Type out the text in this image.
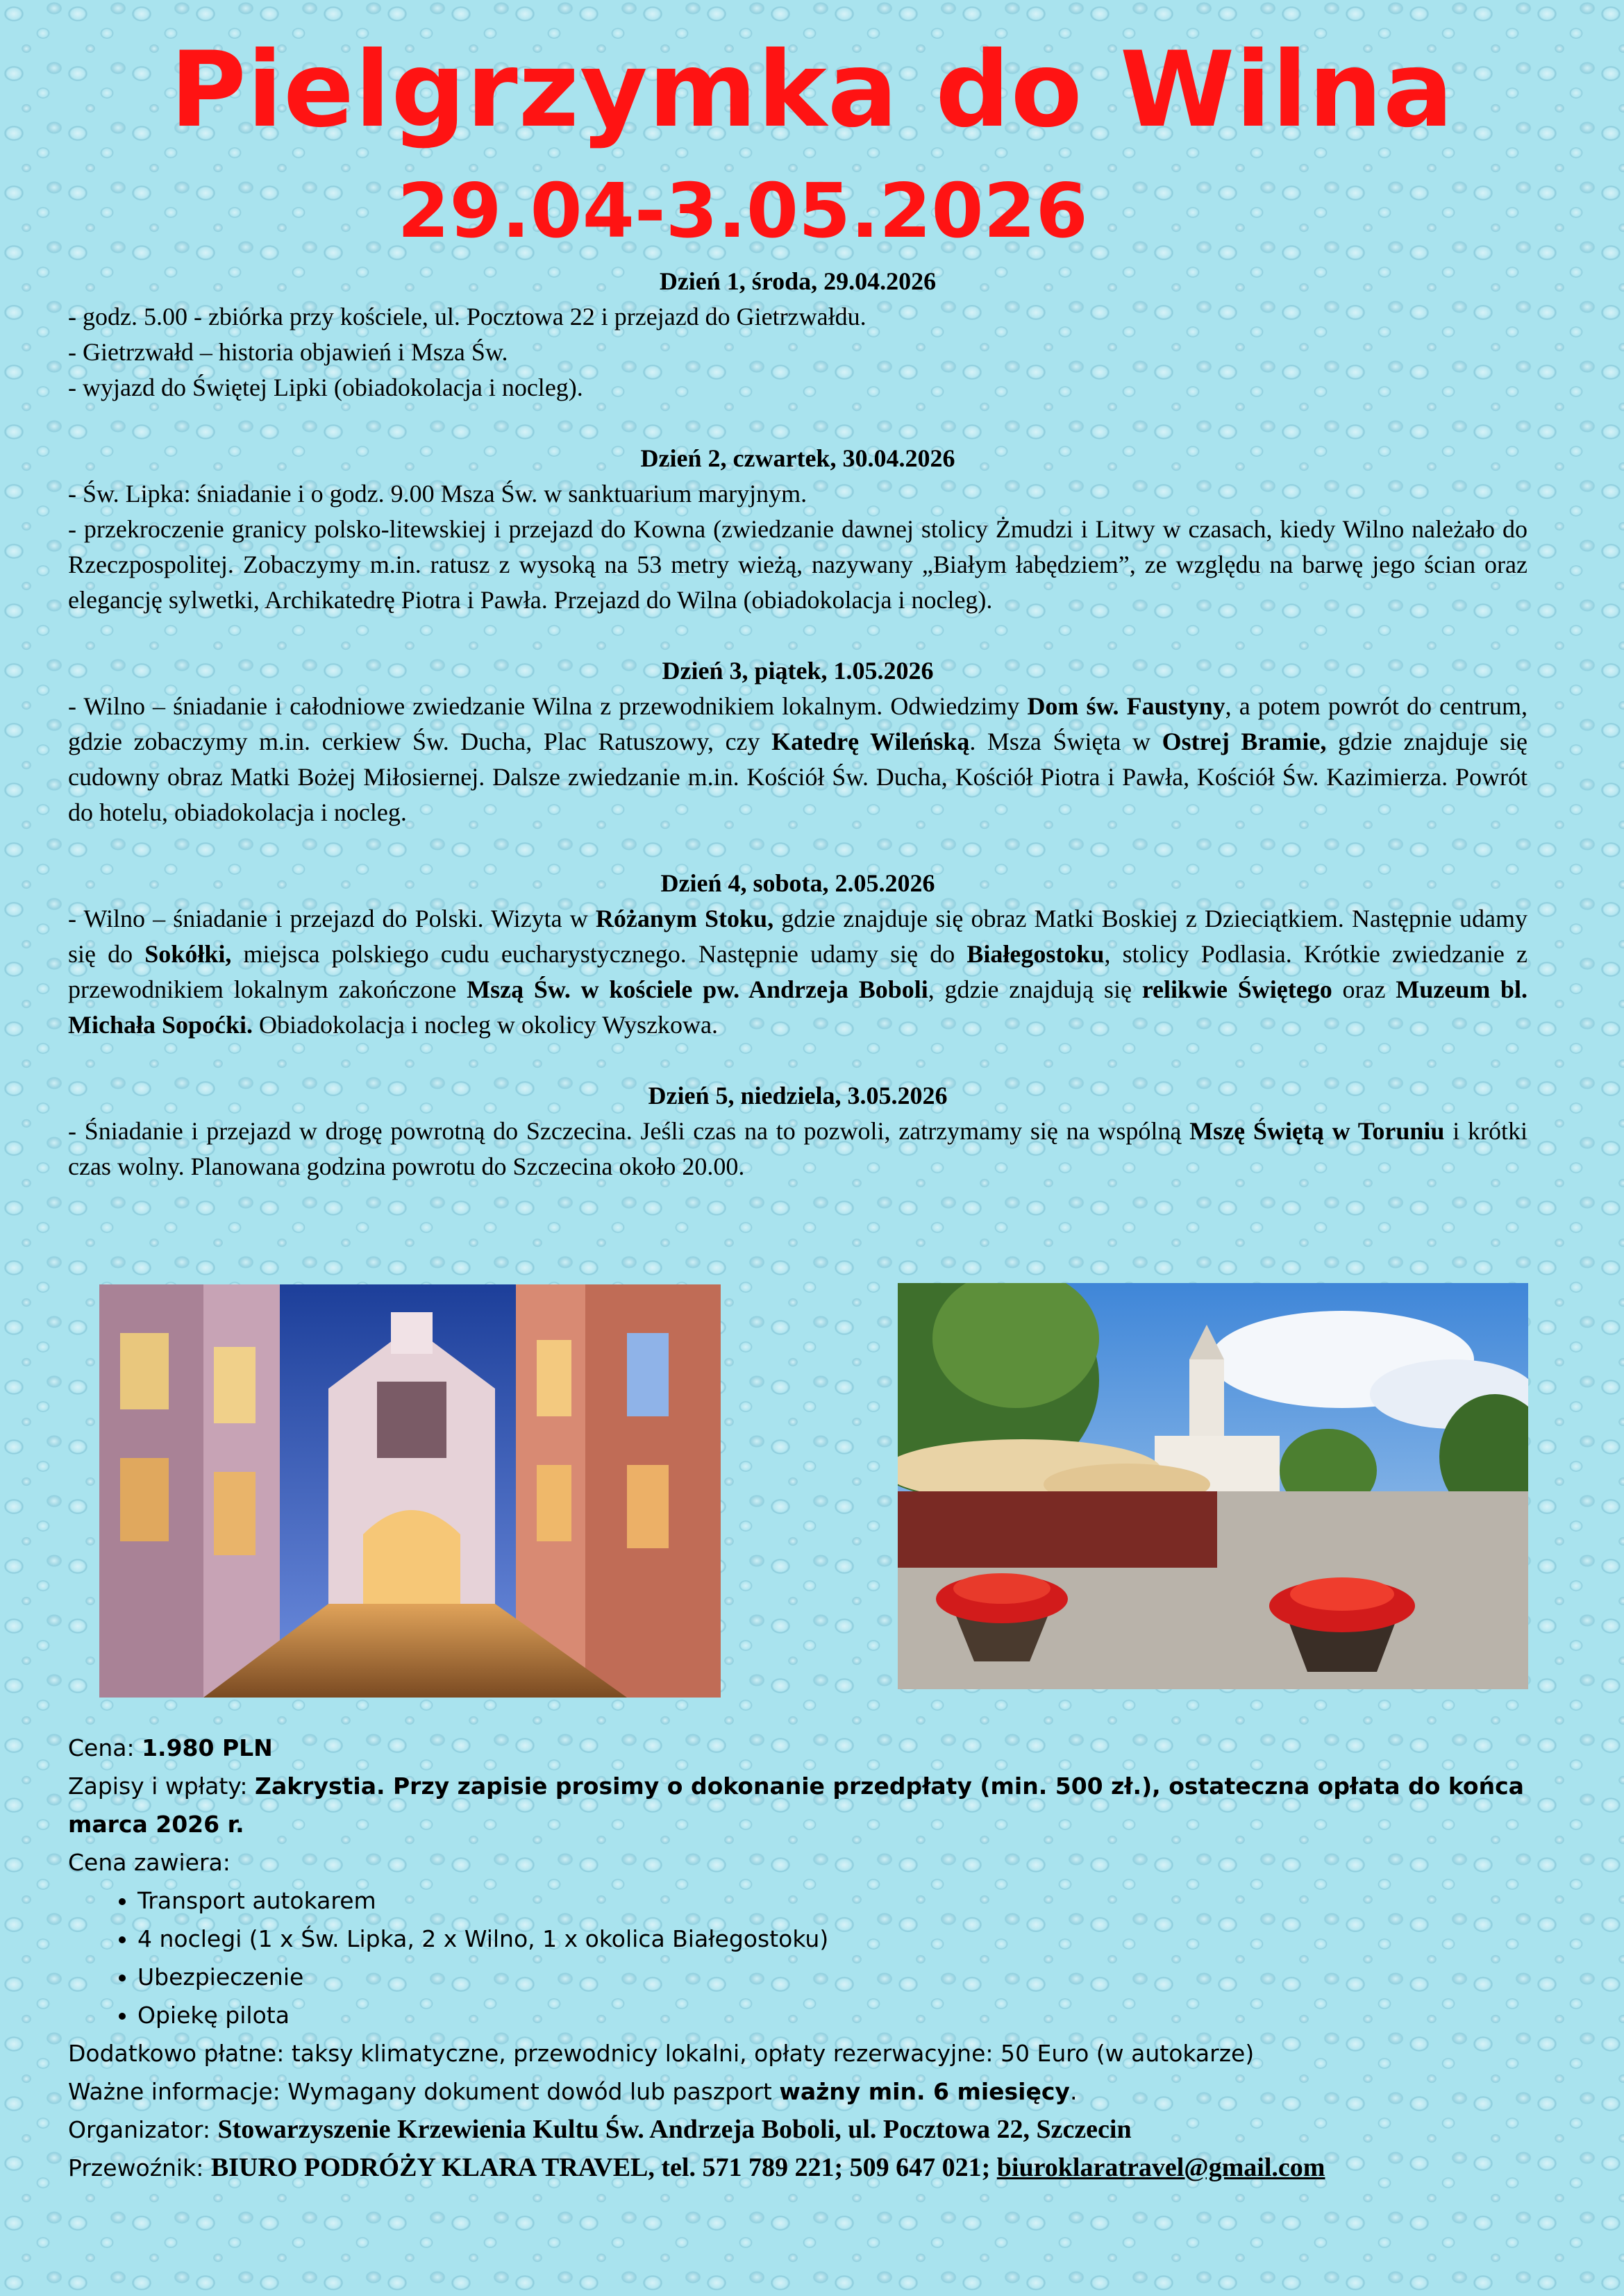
Pielgrzymka do Wilna
29.04-3.05.2026

Dzień 1, środa, 29.04.2026

- godz. 5.00 - zbiórka przy kościele, ul. Pocztowa 22 i przejazd do Gietrzwałdu.

- Gietrzwałd – historia objawień i Msza Św.

- wyjazd do Świętej Lipki (obiadokolacja i nocleg).

Dzień 2, czwartek, 30.04.2026

- Św. Lipka: śniadanie i o godz. 9.00 Msza Św. w sanktuarium maryjnym.

- przekroczenie granicy polsko-litewskiej i przejazd do Kowna (zwiedzanie dawnej stolicy Żmudzi i Litwy w czasach, kiedy Wilno należało do Rzeczpospolitej. Zobaczymy m.in. ratusz z wysoką na 53 metry wieżą, nazywany „Białym łabędziem”, ze względu na barwę jego ścian oraz elegancję sylwetki, Archikatedrę Piotra i Pawła. Przejazd do Wilna (obiadokolacja i nocleg).

Dzień 3, piątek, 1.05.2026

- Wilno – śniadanie i całodniowe zwiedzanie Wilna z przewodnikiem lokalnym. Odwiedzimy Dom św. Faustyny, a potem powrót do centrum, gdzie zobaczymy m.in. cerkiew Św. Ducha, Plac Ratuszowy, czy Katedrę Wileńską. Msza Święta w Ostrej Bramie, gdzie znajduje się cudowny obraz Matki Bożej Miłosiernej. Dalsze zwiedzanie m.in. Kościół Św. Ducha, Kościół Piotra i Pawła, Kościół Św. Kazimierza. Powrót do hotelu, obiadokolacja i nocleg.

Dzień 4, sobota, 2.05.2026

- Wilno – śniadanie i przejazd do Polski. Wizyta w Różanym Stoku, gdzie znajduje się obraz Matki Boskiej z Dzieciątkiem. Następnie udamy się do Sokółki, miejsca polskiego cudu eucharystycznego. Następnie udamy się do Białegostoku, stolicy Podlasia. Krótkie zwiedzanie z przewodnikiem lokalnym zakończone Mszą Św. w kościele pw. Andrzeja Boboli, gdzie znajdują się relikwie Świętego oraz Muzeum bl. Michała Sopoćki. Obiadokolacja i nocleg w okolicy Wyszkowa.

Dzień 5, niedziela, 3.05.2026

- Śniadanie i przejazd w drogę powrotną do Szczecina. Jeśli czas na to pozwoli, zatrzymamy się na wspólną Mszę Świętą w Toruniu i krótki czas wolny. Planowana godzina powrotu do Szczecina około 20.00.

Cena: 1.980 PLN

Zapisy i wpłaty: Zakrystia. Przy zapisie prosimy o dokonanie przedpłaty (min. 500 zł.), ostateczna opłata do końca marca 2026 r.

Cena zawiera:

• Transport autokarem
• 4 noclegi (1 x Św. Lipka, 2 x Wilno, 1 x okolica Białegostoku)
• Ubezpieczenie
• Opiekę pilota

Dodatkowo płatne: taksy klimatyczne, przewodnicy lokalni, opłaty rezerwacyjne: 50 Euro (w autokarze)

Ważne informacje: Wymagany dokument dowód lub paszport ważny min. 6 miesięcy.

Organizator: Stowarzyszenie Krzewienia Kultu Św. Andrzeja Boboli, ul. Pocztowa 22, Szczecin

Przewoźnik: BIURO PODRÓŻY KLARA TRAVEL, tel. 571 789 221; 509 647 021; biuroklaratravel@gmail.com
